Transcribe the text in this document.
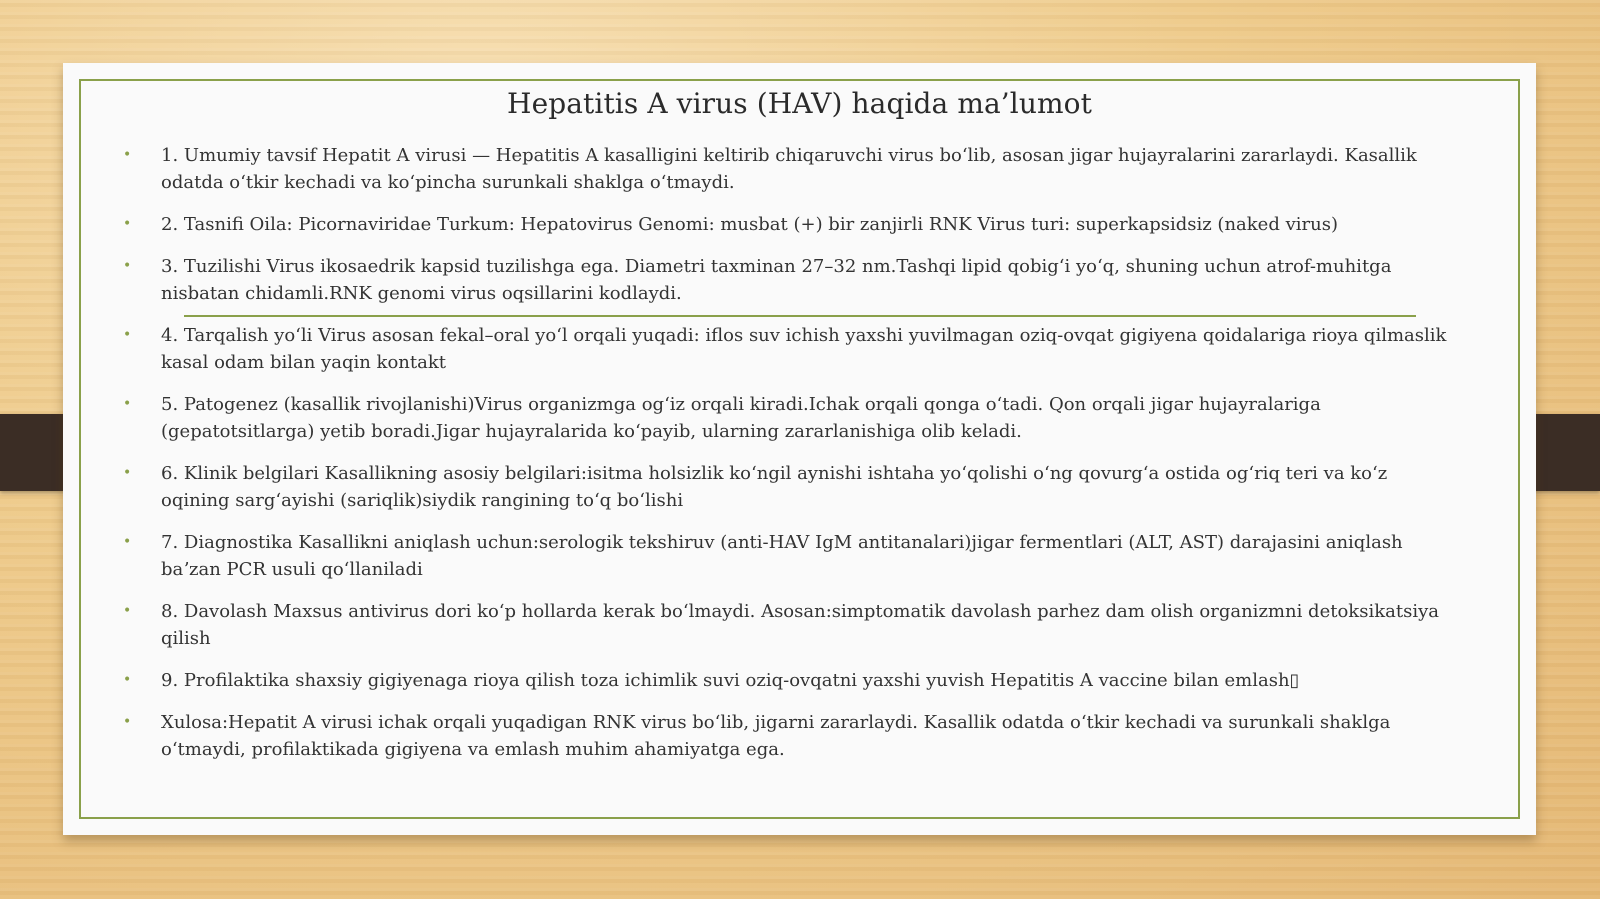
Hepatitis A virus (HAV) haqida ma’lumot
• 1. Umumiy tavsif Hepatit A virusi — Hepatitis A kasalligini keltirib chiqaruvchi virus boʻlib, asosan jigar hujayralarini zararlaydi. Kasallik odatda oʻtkir kechadi va koʻpincha surunkali shaklga oʻtmaydi.
• 2. Tasnifi Oila: Picornaviridae Turkum: Hepatovirus Genomi: musbat (+) bir zanjirli RNK Virus turi: superkapsidsiz (naked virus)
• 3. Tuzilishi Virus ikosaedrik kapsid tuzilishga ega. Diametri taxminan 27–32 nm.Tashqi lipid qobigʻi yoʻq, shuning uchun atrof-muhitga nisbatan chidamli.RNK genomi virus oqsillarini kodlaydi.
• 4. Tarqalish yoʻli Virus asosan fekal–oral yoʻl orqali yuqadi: iflos suv ichish yaxshi yuvilmagan oziq-ovqat gigiyena qoidalariga rioya qilmaslik kasal odam bilan yaqin kontakt
• 5. Patogenez (kasallik rivojlanishi)Virus organizmga ogʻiz orqali kiradi.Ichak orqali qonga oʻtadi. Qon orqali jigar hujayralariga (gepatotsitlarga) yetib boradi.Jigar hujayralarida koʻpayib, ularning zararlanishiga olib keladi.
• 6. Klinik belgilari Kasallikning asosiy belgilari:isitma holsizlik koʻngil aynishi ishtaha yoʻqolishi oʻng qovurgʻa ostida ogʻriq teri va koʻz oqining sargʻayishi (sariqlik)siydik rangining toʻq boʻlishi
• 7. Diagnostika Kasallikni aniqlash uchun:serologik tekshiruv (anti-HAV IgM antitanalari)jigar fermentlari (ALT, AST) darajasini aniqlash baʼzan PCR usuli qoʻllaniladi
• 8. Davolash Maxsus antivirus dori koʻp hollarda kerak boʻlmaydi. Asosan:simptomatik davolash parhez dam olish organizmni detoksikatsiya qilish
• 9. Profilaktika shaxsiy gigiyenaga rioya qilish toza ichimlik suvi oziq-ovqatni yaxshi yuvish Hepatitis A vaccine bilan emlash▯
• Xulosa:Hepatit A virusi ichak orqali yuqadigan RNK virus boʻlib, jigarni zararlaydi. Kasallik odatda oʻtkir kechadi va surunkali shaklga oʻtmaydi, profilaktikada gigiyena va emlash muhim ahamiyatga ega.
